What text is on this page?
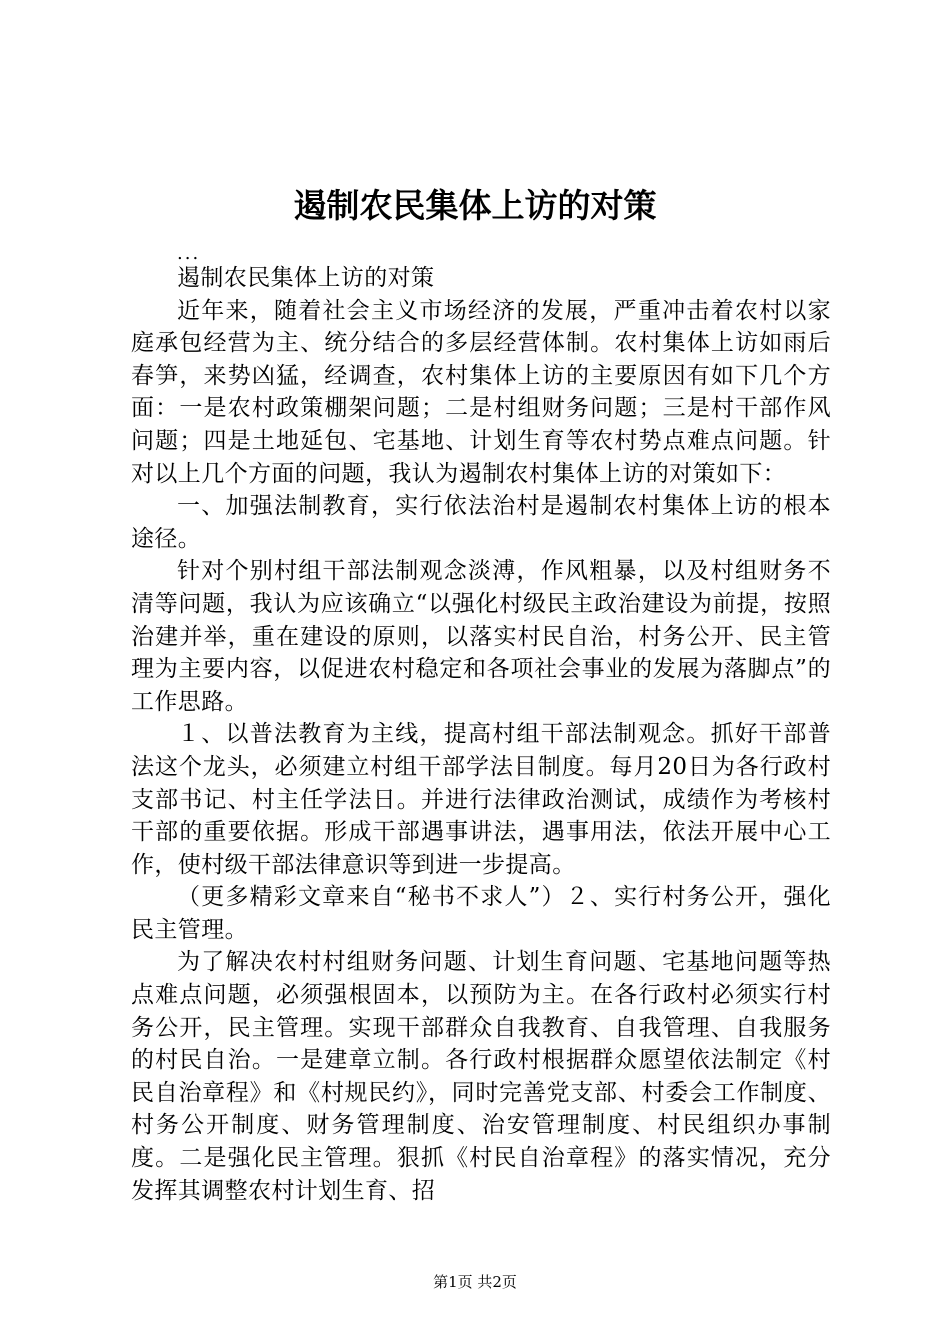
遏制农民集体上访的对策
...

遏制农民集体上访的对策

近年来，随着社会主义市场经济的发展，严重冲击着农村以家庭承包经营为主、统分结合的多层经营体制。农村集体上访如雨后春笋，来势凶猛，经调查，农村集体上访的主要原因有如下几个方面：一是农村政策棚架问题；二是村组财务问题；三是村干部作风问题；四是土地延包、宅基地、计划生育等农村势点难点问题。针对以上几个方面的问题，我认为遏制农村集体上访的对策如下：

一、加强法制教育，实行依法治村是遏制农村集体上访的根本途径。

针对个别村组干部法制观念淡溥，作风粗暴，以及村组财务不清等问题，我认为应该确立“以强化村级民主政治建设为前提，按照治建并举，重在建设的原则，以落实村民自治，村务公开、民主管理为主要内容，以促进农村稳定和各项社会事业的发展为落脚点”的工作思路。

１、以普法教育为主线，提高村组干部法制观念。抓好干部普法这个龙头，必须建立村组干部学法目制度。每月20日为各行政村支部书记、村主任学法日。并进行法律政治测试，成绩作为考核村干部的重要依据。形成干部遇事讲法，遇事用法，依法开展中心工作，使村级干部法律意识等到进一步提高。

（更多精彩文章来自“秘书不求人”）２、实行村务公开，强化民主管理。

为了解决农村村组财务问题、计划生育问题、宅基地问题等热点难点问题，必须强根固本，以预防为主。在各行政村必须实行村务公开，民主管理。实现干部群众自我教育、自我管理、自我服务的村民自治。一是建章立制。各行政村根据群众愿望依法制定《村民自治章程》和《村规民约》，同时完善党支部、村委会工作制度、村务公开制度、财务管理制度、治安管理制度、村民组织办事制度。二是强化民主管理。狠抓《村民自治章程》的落实情况，充分发挥其调整农村计划生育、招

第1页 共2页
